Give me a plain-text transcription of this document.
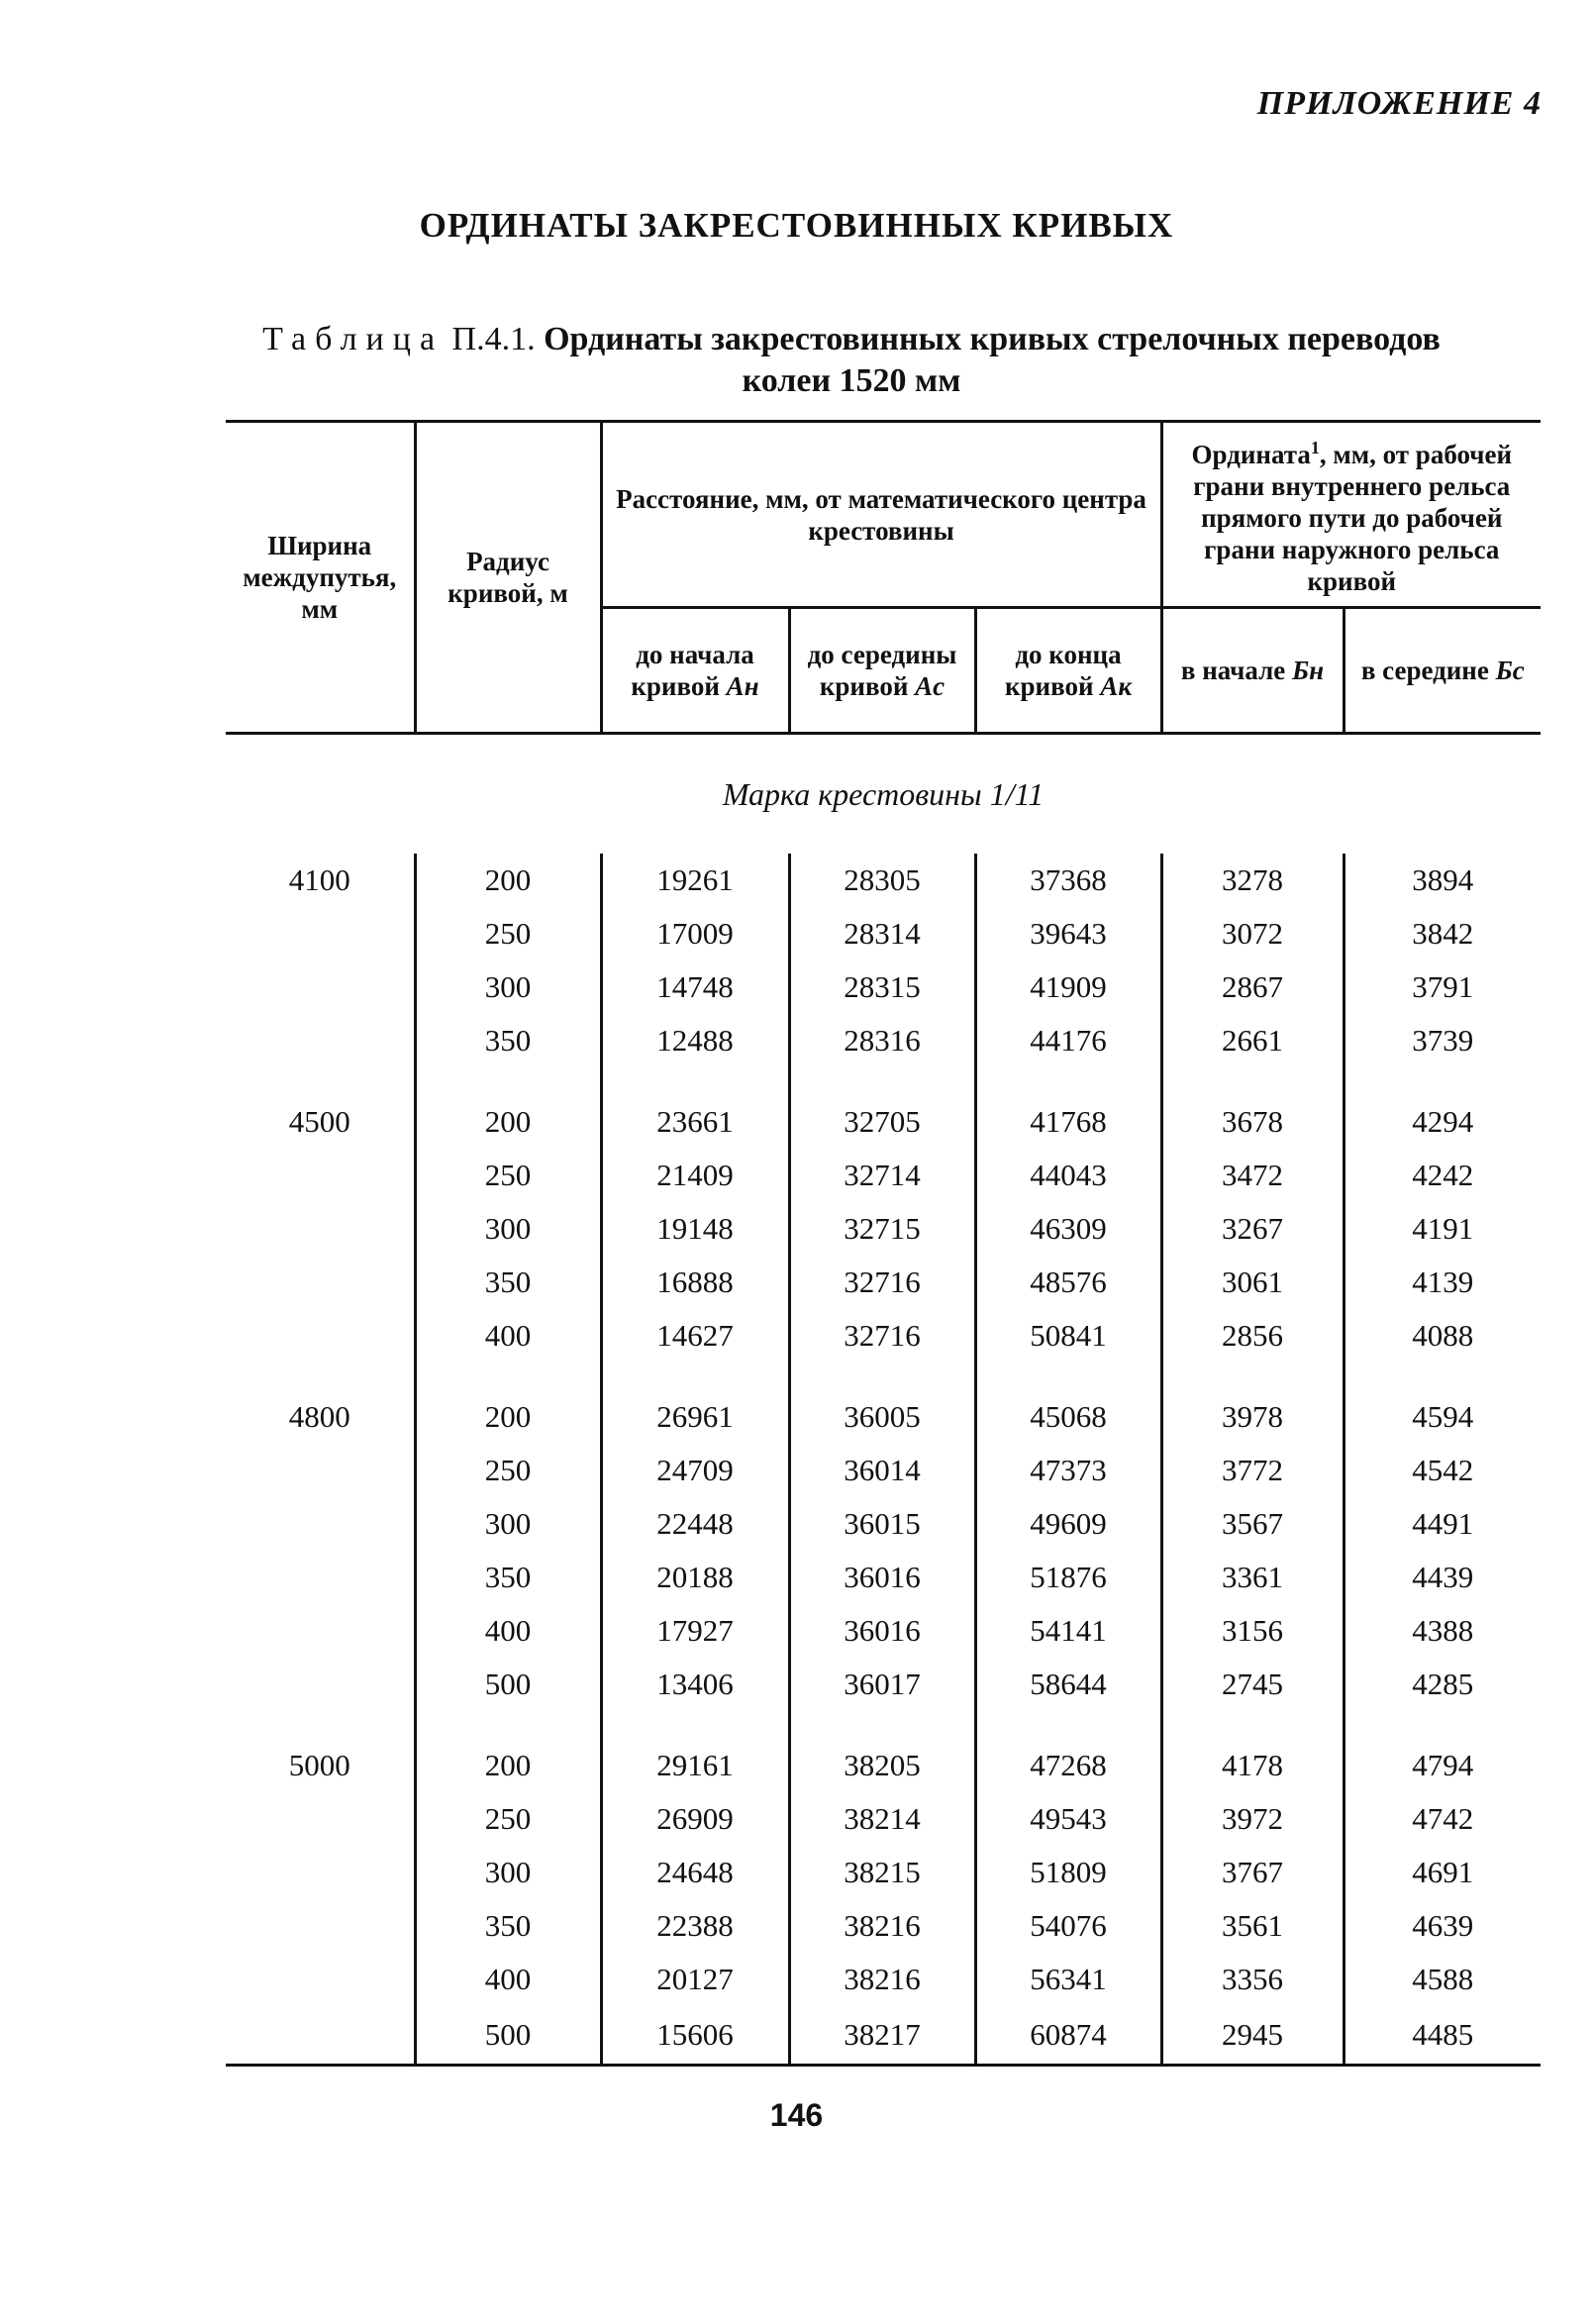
ПРИЛОЖЕНИЕ 4
ОРДИНАТЫ ЗАКРЕСТОВИННЫХ КРИВЫХ
Таблица П.4.1. Ординаты закрестовинных кривых стрелочных переводов
колеи 1520 мм
Ширина междупутья, мм	Радиус кривой, м	Расстояние, мм, от математического центра крестовины			Ордината$^1$, мм, от рабочей грани внутреннего рельса прямого пути до рабочей грани наружного рельса кривой	
		до начала кривой Aн	до середины кривой Aс	до конца кривой Aк	в начале Бн	в середине Бс
Марка крестовины 1/11						
4100	200	19261	28305	37368	3278	3894
	250	17009	28314	39643	3072	3842
	300	14748	28315	41909	2867	3791
	350	12488	28316	44176	2661	3739

4500	200	23661	32705	41768	3678	4294
	250	21409	32714	44043	3472	4242
	300	19148	32715	46309	3267	4191
	350	16888	32716	48576	3061	4139
	400	14627	32716	50841	2856	4088

4800	200	26961	36005	45068	3978	4594
	250	24709	36014	47373	3772	4542
	300	22448	36015	49609	3567	4491
	350	20188	36016	51876	3361	4439
	400	17927	36016	54141	3156	4388
	500	13406	36017	58644	2745	4285

5000	200	29161	38205	47268	4178	4794
	250	26909	38214	49543	3972	4742
	300	24648	38215	51809	3767	4691
	350	22388	38216	54076	3561	4639
	400	20127	38216	56341	3356	4588
	500	15606	38217	60874	2945	4485
146
